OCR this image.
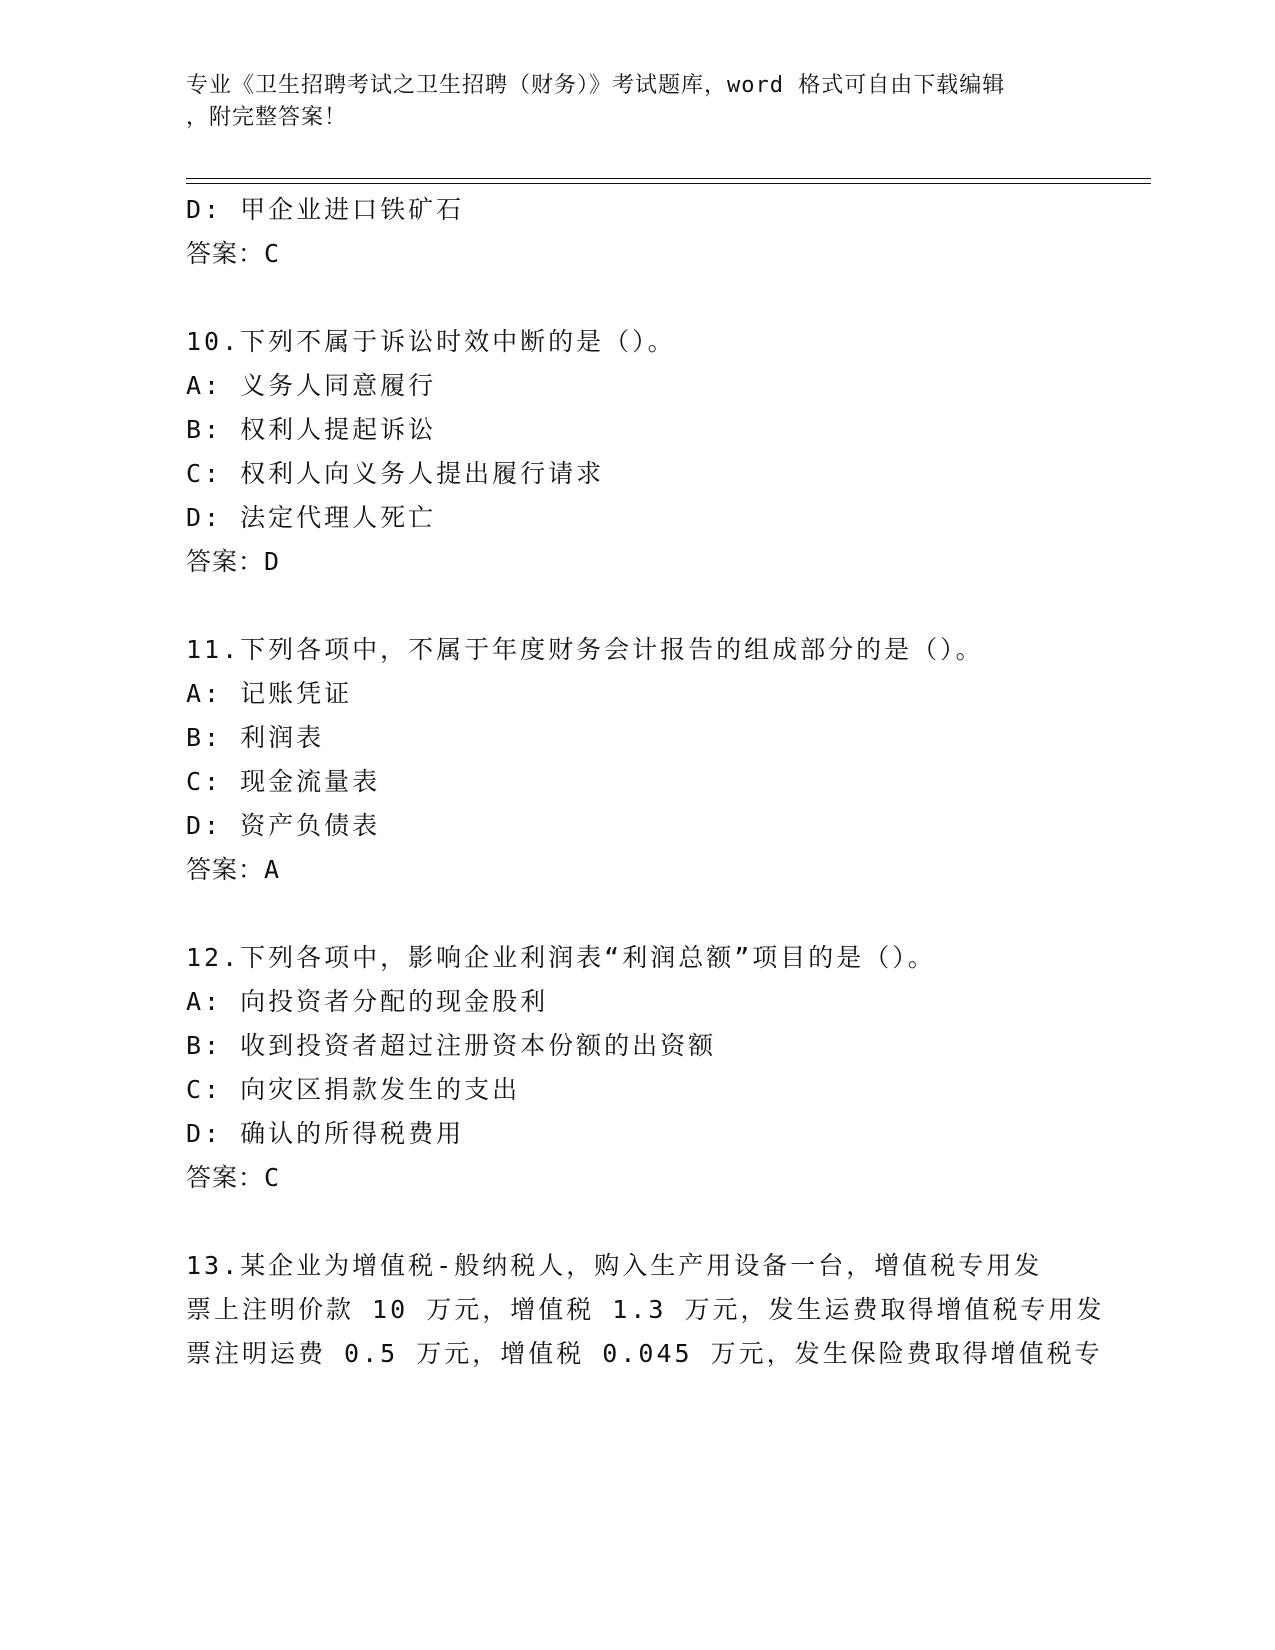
专业《卫生招聘考试之卫生招聘（财务）》考试题库，word 格式可自由下载编辑
，附完整答案！
D: 甲企业进口铁矿石
答案：C
10.下列不属于诉讼时效中断的是（）。
A: 义务人同意履行
B: 权利人提起诉讼
C: 权利人向义务人提出履行请求
D: 法定代理人死亡
答案：D
11.下列各项中，不属于年度财务会计报告的组成部分的是（）。
A: 记账凭证
B: 利润表
C: 现金流量表
D: 资产负债表
答案：A
12.下列各项中，影响企业利润表“利润总额”项目的是（）。
A: 向投资者分配的现金股利
B: 收到投资者超过注册资本份额的出资额
C: 向灾区捐款发生的支出
D: 确认的所得税费用
答案：C
13.某企业为增值税-般纳税人，购入生产用设备一台，增值税专用发
票上注明价款 10 万元，增值税 1.3 万元，发生运费取得增值税专用发
票注明运费 0.5 万元，增值税 0.045 万元，发生保险费取得增值税专
